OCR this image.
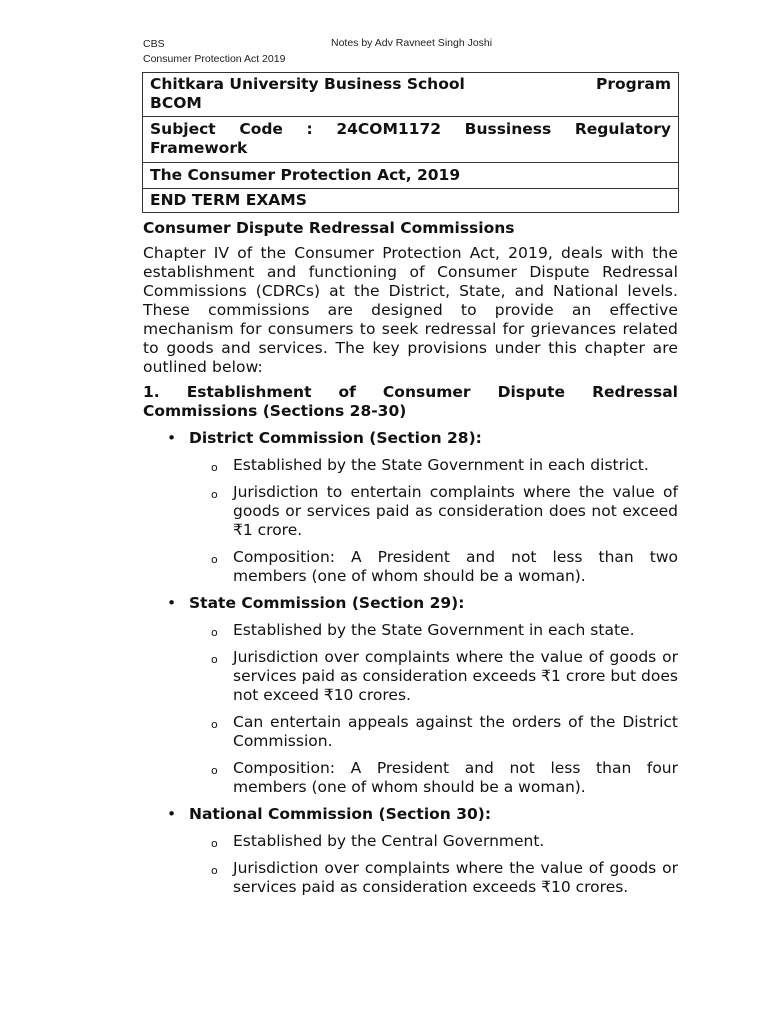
CBS
Consumer Protection Act 2019
Notes by Adv Ravneet Singh Joshi
Chitkara University Business School	Program
BCOM

Subject Code : 24COM1172 Bussiness Regulatory Framework
The Consumer Protection Act, 2019
END TERM EXAMS
Consumer Dispute Redressal Commissions
Chapter IV of the Consumer Protection Act, 2019, deals with the establishment and functioning of Consumer Dispute Redressal Commissions (CDRCs) at the District, State, and National levels. These commissions are designed to provide an effective mechanism for consumers to seek redressal for grievances related to goods and services. The key provisions under this chapter are outlined below:
1. Establishment of Consumer Dispute Redressal Commissions (Sections 28-30)
• District Commission (Section 28):
o Established by the State Government in each district.
o Jurisdiction to entertain complaints where the value of goods or services paid as consideration does not exceed ₹1 crore.
o Composition: A President and not less than two members (one of whom should be a woman).
• State Commission (Section 29):
o Established by the State Government in each state.
o Jurisdiction over complaints where the value of goods or services paid as consideration exceeds ₹1 crore but does not exceed ₹10 crores.
o Can entertain appeals against the orders of the District Commission.
o Composition: A President and not less than four members (one of whom should be a woman).
• National Commission (Section 30):
o Established by the Central Government.
o Jurisdiction over complaints where the value of goods or services paid as consideration exceeds ₹10 crores.
